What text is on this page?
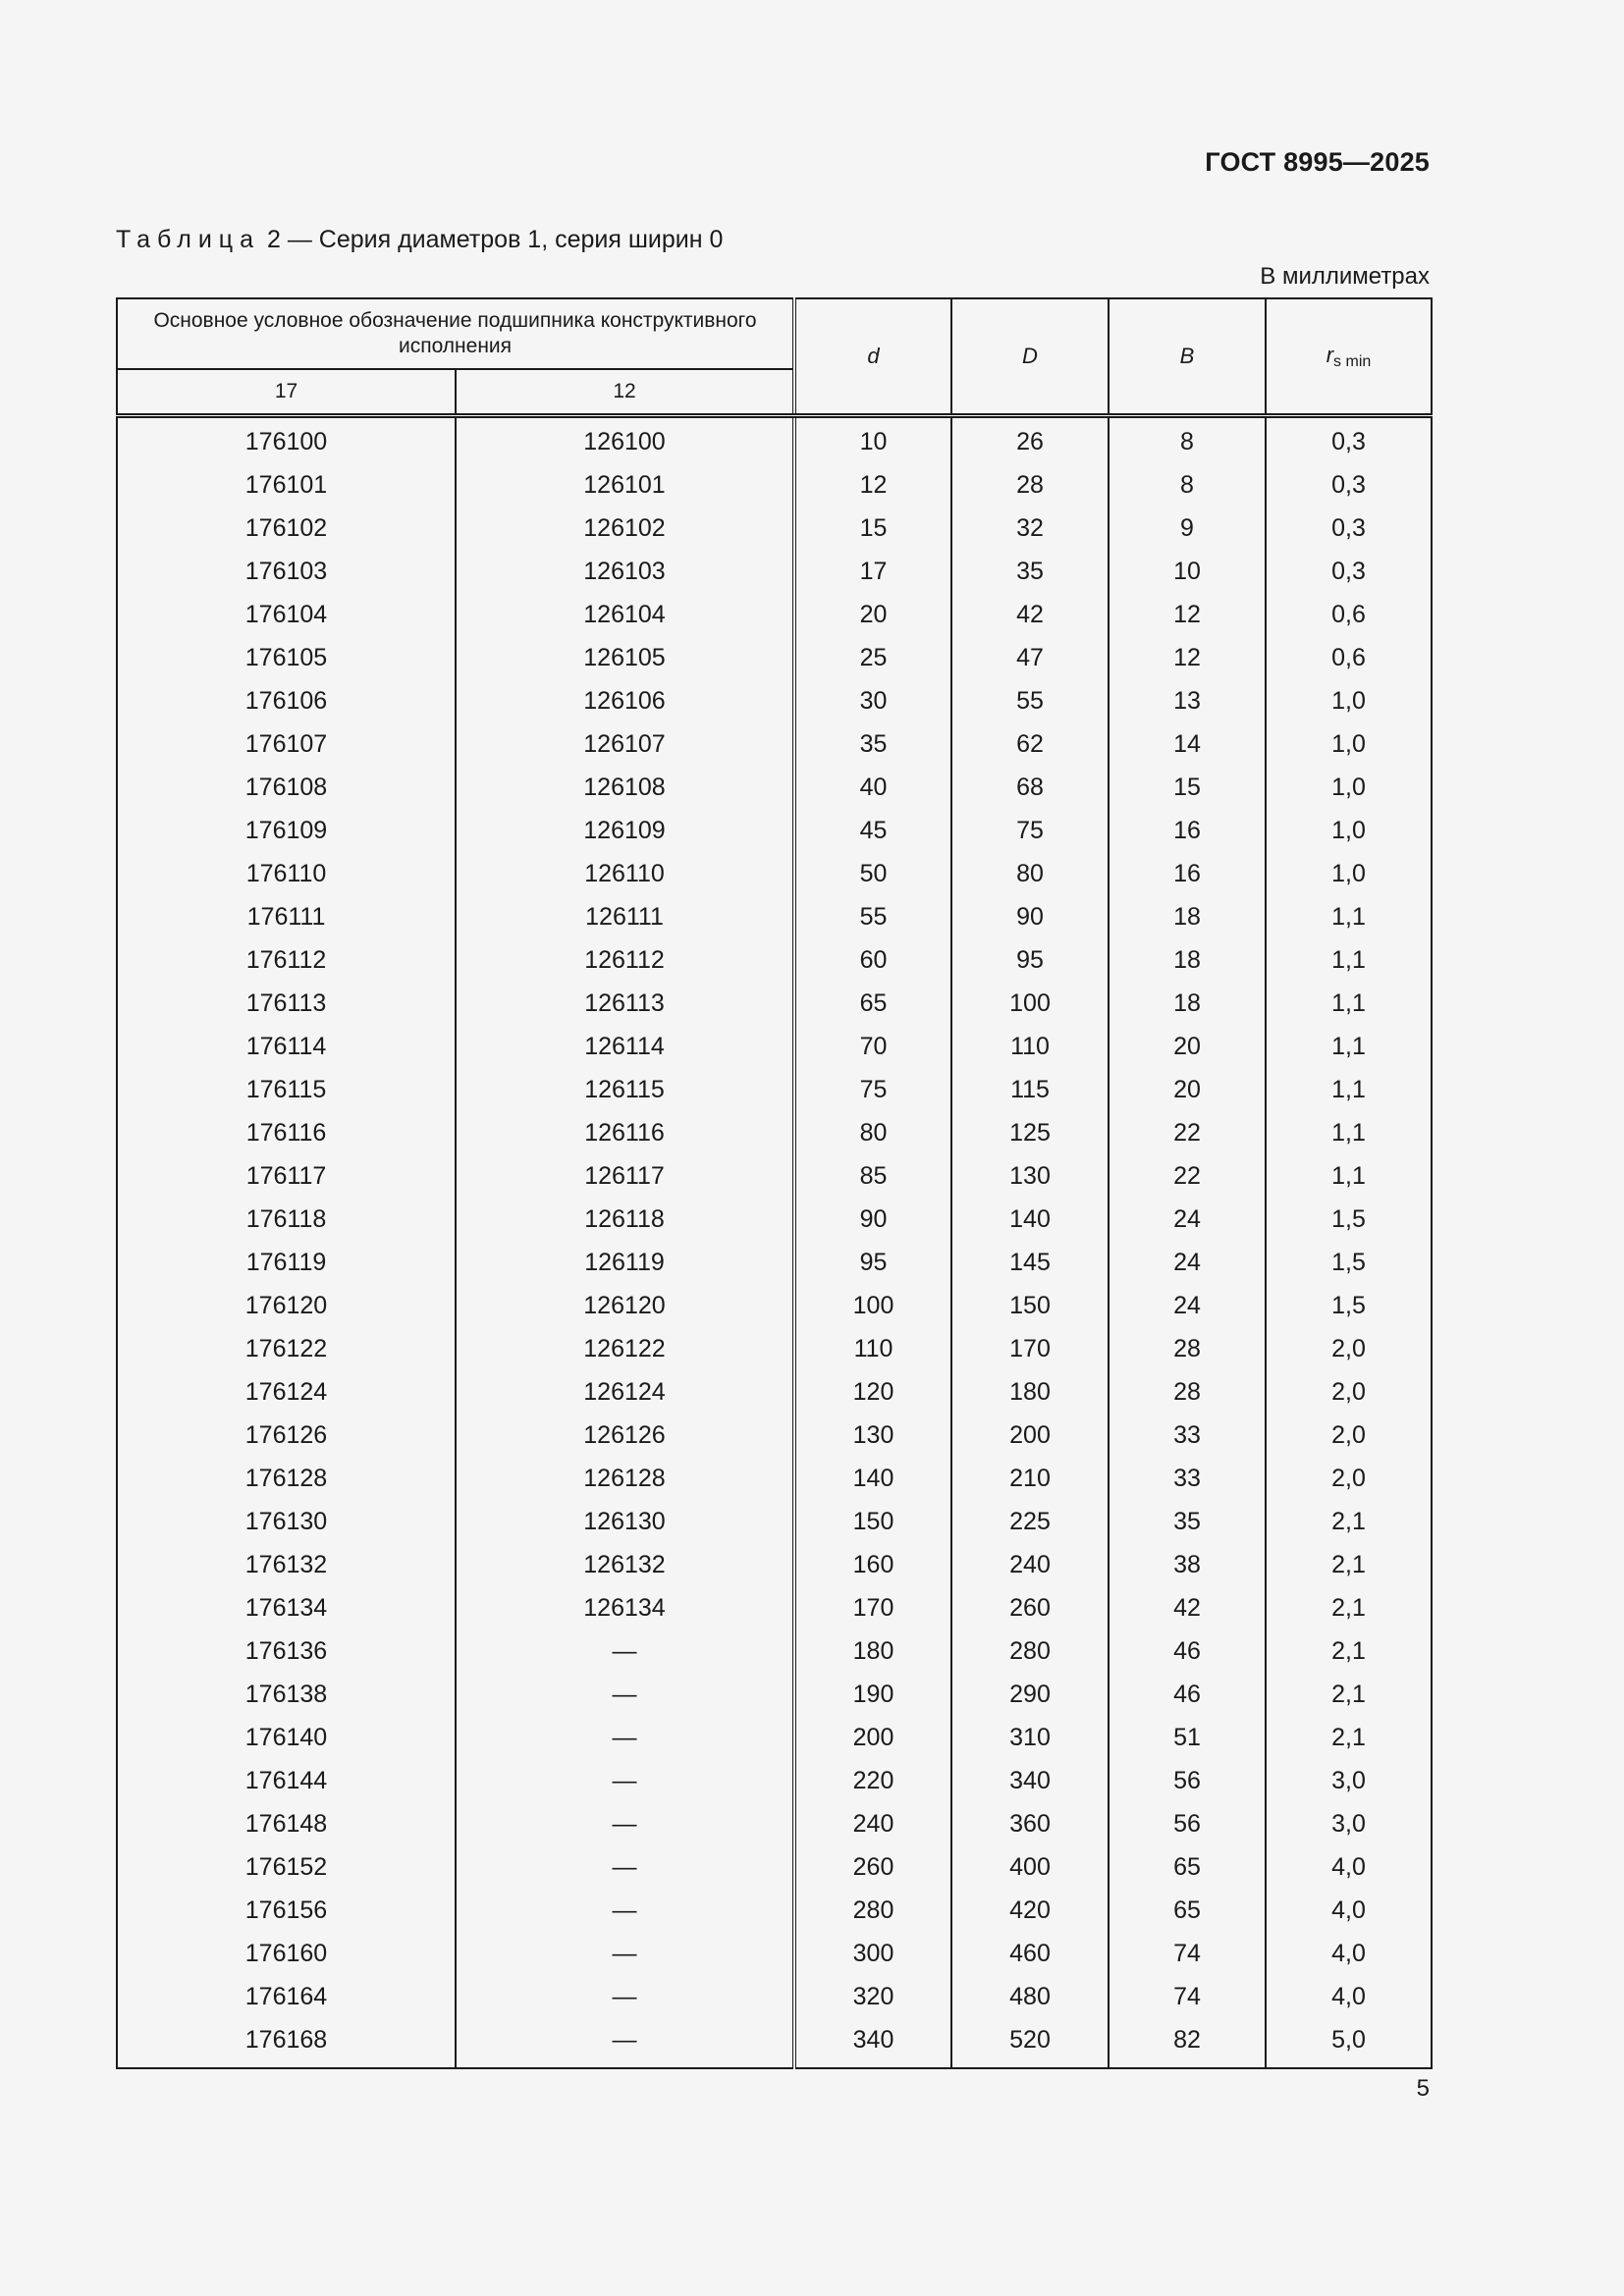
ГОСТ 8995—2025
Таблица 2 — Серия диаметров 1, серия ширин 0
В миллиметрах
Основное условное обозначение подшипника конструктивного исполнения		d	D	B	$r_{s min}$
17	12				
176100	126100	10	26	8	0,3
176101	126101	12	28	8	0,3
176102	126102	15	32	9	0,3
176103	126103	17	35	10	0,3
176104	126104	20	42	12	0,6
176105	126105	25	47	12	0,6
176106	126106	30	55	13	1,0
176107	126107	35	62	14	1,0
176108	126108	40	68	15	1,0
176109	126109	45	75	16	1,0
176110	126110	50	80	16	1,0
176111	126111	55	90	18	1,1
176112	126112	60	95	18	1,1
176113	126113	65	100	18	1,1
176114	126114	70	110	20	1,1
176115	126115	75	115	20	1,1
176116	126116	80	125	22	1,1
176117	126117	85	130	22	1,1
176118	126118	90	140	24	1,5
176119	126119	95	145	24	1,5
176120	126120	100	150	24	1,5
176122	126122	110	170	28	2,0
176124	126124	120	180	28	2,0
176126	126126	130	200	33	2,0
176128	126128	140	210	33	2,0
176130	126130	150	225	35	2,1
176132	126132	160	240	38	2,1
176134	126134	170	260	42	2,1
176136	—	180	280	46	2,1
176138	—	190	290	46	2,1
176140	—	200	310	51	2,1
176144	—	220	340	56	3,0
176148	—	240	360	56	3,0
176152	—	260	400	65	4,0
176156	—	280	420	65	4,0
176160	—	300	460	74	4,0
176164	—	320	480	74	4,0
176168	—	340	520	82	5,0
5
